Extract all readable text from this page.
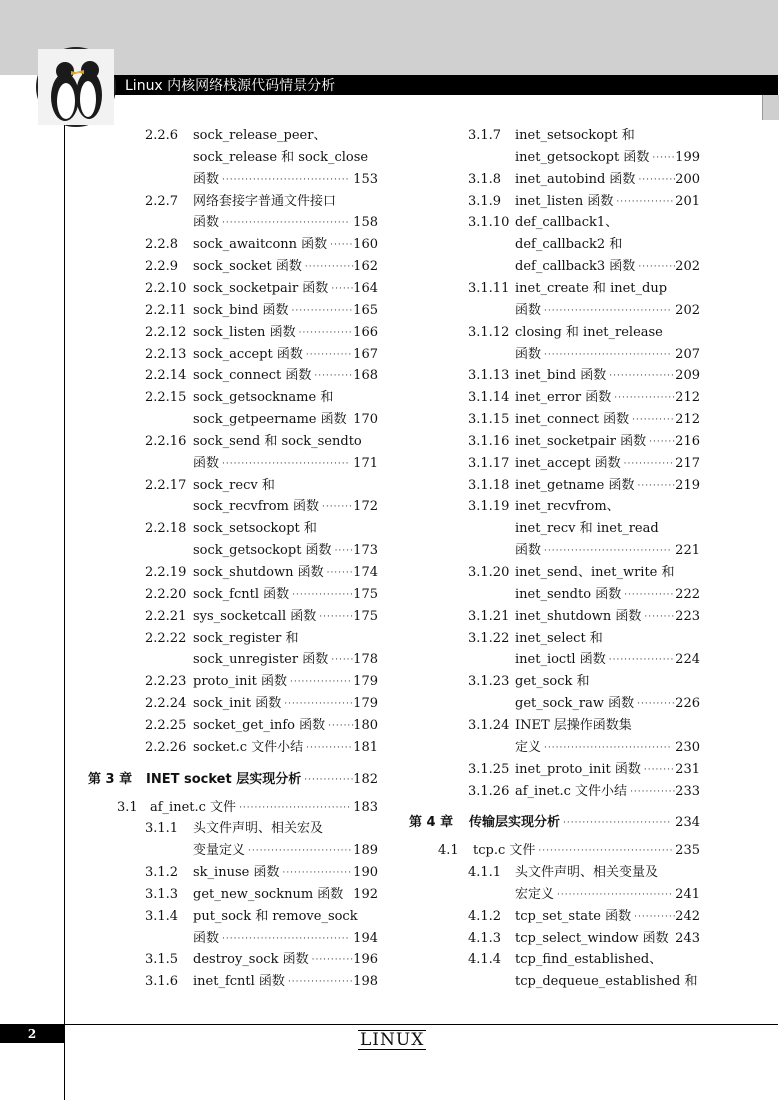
Linux 内核网络栈源代码情景分析
2.2.6 sock_release_peer、
sock_release 和 sock_close
函数 ································· 153
2.2.7 网络套接字普通文件接口
函数 ································· 158
2.2.8 sock_awaitconn 函数 ······ 160
2.2.9 sock_socket 函数 ·············
162
2.2.10 sock_socketpair 函数 ······
164
2.2.11 sock_bind 函数 ················ 165
2.2.12 sock_listen 函数 ·············· 166
2.2.13 sock_accept 函数 ············ 167
2.2.14 sock_connect 函数 ·········· 168
2.2.15 sock_getsockname 和
sock_getpeername 函数 170
2.2.16 sock_send 和 sock_sendto
函数 ································· 171
2.2.17 sock_recv 和
sock_recvfrom 函数 ········ 172
2.2.18 sock_setsockopt 和
sock_getsockopt 函数 ····· 173
2.2.19 sock_shutdown 函数 ······· 174
2.2.20 sock_fcntl 函数 ················ 175
2.2.21 sys_socketcall 函数 ········· 175
2.2.22 sock_register 和
sock_unregister 函数 ······
178
2.2.23 proto_init 函数 ················ 179
2.2.24 sock_init 函数 ·················· 179
2.2.25 socket_get_info 函数 ·······
180
2.2.26 socket.c 文件小结 ············ 181
第 3 章 INET socket 层实现分析 ·············
182
3.1 af_inet.c 文件 ····························· 183
3.1.1 头文件声明、相关宏及
变量定义 ··························· 189
3.1.2 sk_inuse 函数 ·················· 190
3.1.3 get_new_socknum 函数 192
3.1.4 put_sock 和 remove_sock
函数 ································· 194
3.1.5 destroy_sock 函数 ··········· 196
3.1.6 inet_fcntl 函数 ················· 198
3.1.7 inet_setsockopt 和
inet_getsockopt 函数 ······ 199
3.1.8 inet_autobind 函数 ··········
200
3.1.9 inet_listen 函数 ··············· 201
3.1.10 def_callback1、
def_callback2 和
def_callback3 函数 ··········
202
3.1.11 inet_create 和 inet_dup
函数 ································· 202
3.1.12 closing 和 inet_release
函数 ································· 207
3.1.13 inet_bind 函数 ················· 209
3.1.14 inet_error 函数 ················ 212
3.1.15 inet_connect 函数 ··········· 212
3.1.16 inet_socketpair 函数 ······· 216
3.1.17 inet_accept 函数 ············· 217
3.1.18 inet_getname 函数 ·········· 219
3.1.19 inet_recvfrom、
inet_recv 和 inet_read
函数 ································· 221
3.1.20 inet_send、inet_write 和
inet_sendto 函数 ············· 222
3.1.21 inet_shutdown 函数 ········ 223
3.1.22 inet_select 和
inet_ioctl 函数 ················· 224
3.1.23 get_sock 和
get_sock_raw 函数 ·········· 226
3.1.24 INET 层操作函数集
定义 ································· 230
3.1.25 inet_proto_init 函数 ········ 231
3.1.26 af_inet.c 文件小结 ············
233
第 4 章 传输层实现分析 ···························· 234
4.1 tcp.c 文件 ··································· 235
4.1.1 头文件声明、相关变量及
宏定义 ······························ 241
4.1.2 tcp_set_state 函数 ···········
242
4.1.3 tcp_select_window 函数 243
4.1.4 tcp_find_established、
tcp_dequeue_established 和
2	LINUX
